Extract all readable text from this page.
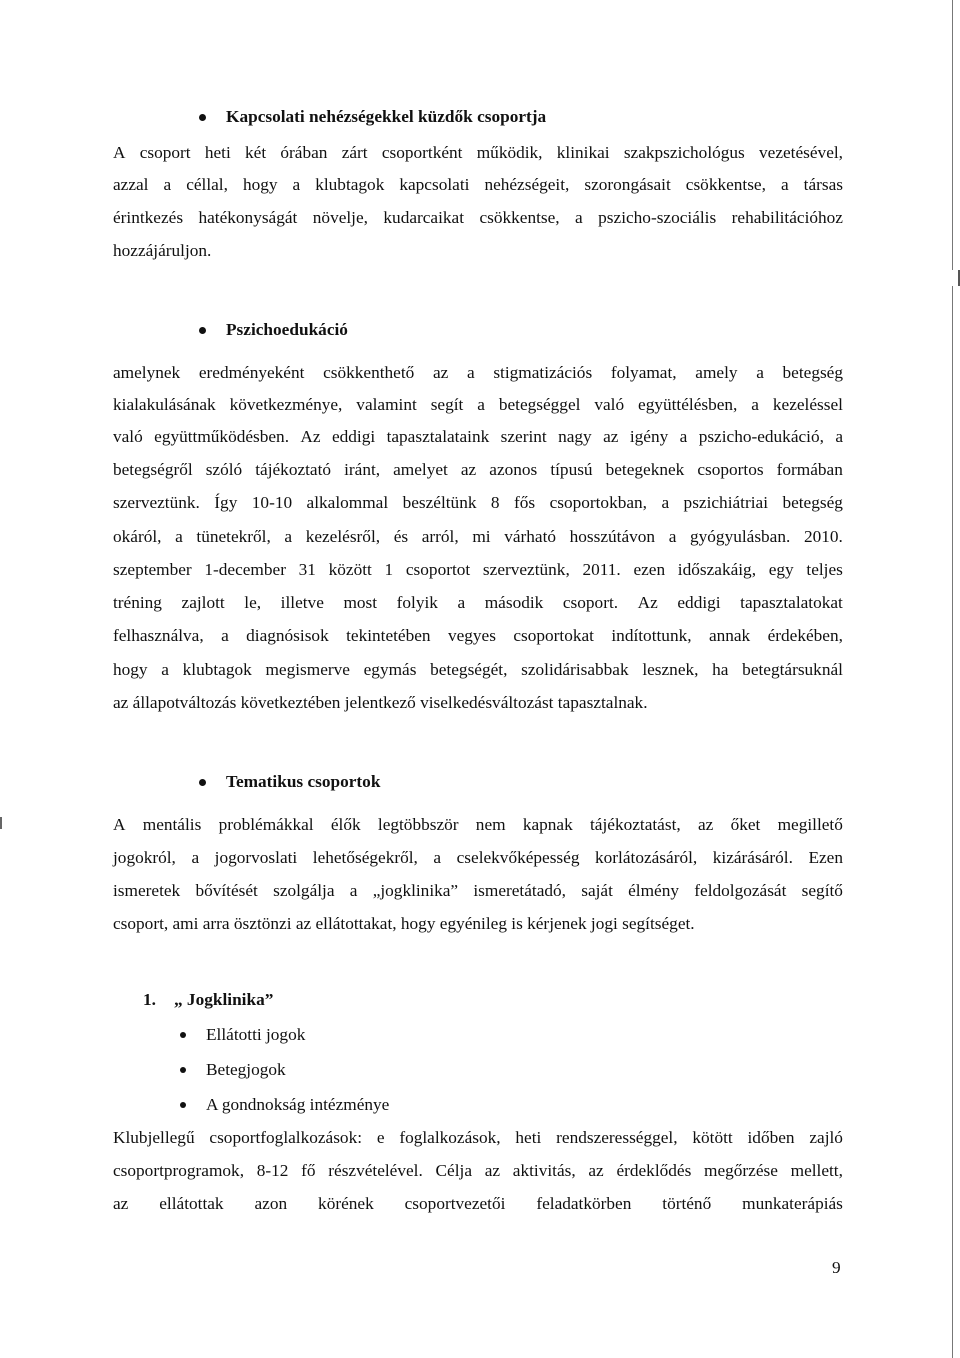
Kapcsolati nehézségekkel küzdők csoportja
A csoport heti két órában zárt csoportként működik, klinikai szakpszichológus vezetésével,
azzal a céllal, hogy a klubtagok kapcsolati nehézségeit, szorongásait csökkentse, a társas
érintkezés hatékonyságát növelje, kudarcaikat csökkentse, a pszicho-szociális rehabilitációhoz
hozzájáruljon.
Pszichoedukáció
amelynek eredményeként csökkenthető az a stigmatizációs folyamat, amely a betegség
kialakulásának következménye, valamint segít a betegséggel való együttélésben, a kezeléssel
való együttműködésben. Az eddigi tapasztalataink szerint nagy az igény a pszicho-edukáció, a
betegségről szóló tájékoztató iránt, amelyet az azonos típusú betegeknek csoportos formában
szerveztünk. Így 10-10 alkalommal beszéltünk 8 fős csoportokban, a pszichiátriai betegség
okáról, a tünetekről, a kezelésről, és arról, mi várható hosszútávon a gyógyulásban. 2010.
szeptember 1-december 31 között 1 csoportot szerveztünk, 2011. ezen időszakáig, egy teljes
tréning zajlott le, illetve most folyik a második csoport. Az eddigi tapasztalatokat
felhasználva, a diagnósisok tekintetében vegyes csoportokat indítottunk, annak érdekében,
hogy a klubtagok megismerve egymás betegségét, szolidárisabbak lesznek, ha betegtársuknál
az állapotváltozás következtében jelentkező viselkedésváltozást tapasztalnak.
Tematikus csoportok
A mentális problémákkal élők legtöbbször nem kapnak tájékoztatást, az őket megillető
jogokról, a jogorvoslati lehetőségekről, a cselekvőképesség korlátozásáról, kizárásáról. Ezen
ismeretek bővítését szolgálja a „jogklinika” ismeretátadó, saját élmény feldolgozását segítő
csoport, ami arra ösztönzi az ellátottakat, hogy egyénileg is kérjenek jogi segítséget.
1. „ Jogklinika”
Ellátotti jogok
Betegjogok
A gondnokság intézménye
Klubjellegű csoportfoglalkozások: e foglalkozások, heti rendszerességgel, kötött időben zajló
csoportprogramok, 8-12 fő részvételével. Célja az aktivitás, az érdeklődés megőrzése mellett,
az ellátottak azon körének csoportvezetői feladatkörben történő munkaterápiás
9
